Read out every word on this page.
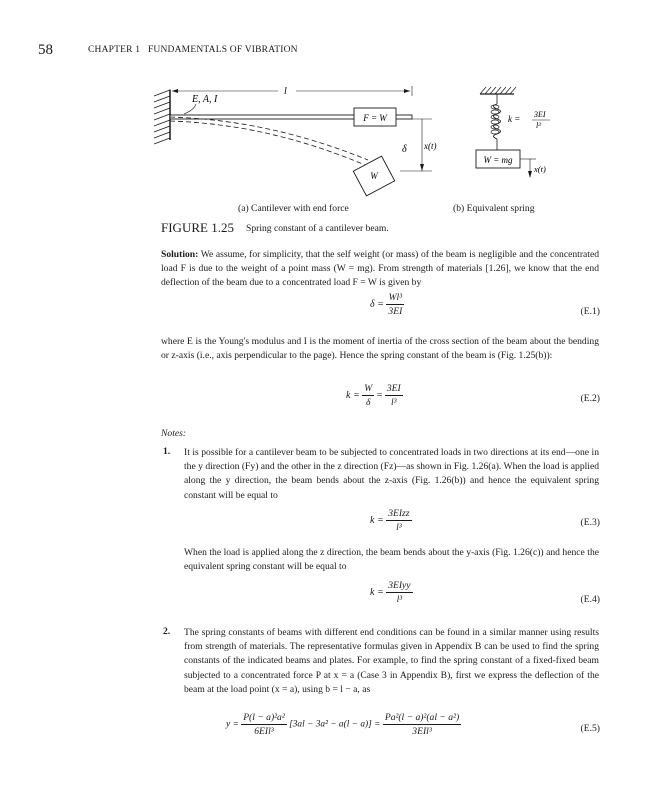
58	CHAPTER 1 FUNDAMENTALS OF VIBRATION
l
E, A, I
F = W
W
δ x(t)
k = 3EI
l³
W = mg
x(t)
(a) Cantilever with end force	(b) Equivalent spring
FIGURE 1.25 Spring constant of a cantilever beam.
Solution: We assume, for simplicity, that the self weight (or mass) of the beam is negligible and the concentrated load F is due to the weight of a point mass (W = mg). From strength of materials [1.26], we know that the end deflection of the beam due to a concentrated load F = W is given by
$\delta = \frac{\text{Wl³}}{3EI}$	(E.1)
where E is the Young's modulus and I is the moment of inertia of the cross section of the beam about the bending or z-axis (i.e., axis perpendicular to the page). Hence the spring constant of the beam is (Fig. 1.25(b)):
$k = \frac{W}{\delta} = \frac{3EI}{\text{l³}}$	(E.2)
Notes:
1. It is possible for a cantilever beam to be subjected to concentrated loads in two directions at its end—one in the y direction (Fy) and the other in the z direction (Fz)—as shown in Fig. 1.26(a). When the load is applied along the y direction, the beam bends about the z-axis (Fig. 1.26(b)) and hence the equivalent spring constant will be equal to
$k = \frac{\text{3EIzz}}{\text{l³}}$	(E.3)
When the load is applied along the z direction, the beam bends about the y-axis (Fig. 1.26(c)) and hence the equivalent spring constant will be equal to
$k = \frac{\text{3EIyy}}{\text{l³}}$	(E.4)
2. The spring constants of beams with different end conditions can be found in a similar manner using results from strength of materials. The representative formulas given in Appendix B can be used to find the spring constants of the indicated beams and plates. For example, to find the spring constant of a fixed-fixed beam subjected to a concentrated force P at x = a (Case 3 in Appendix B), first we express the deflection of the beam at the load point (x = a), using b = l − a, as
$y = \frac{\text{P(l − a)²a²}}{\text{6EIl³}} [3al - 3a^2 - a(l - a)] = \frac{\text{Pa²(l − a)²(al − a²)}}{\text{3EIl³}}$	(E.5)
